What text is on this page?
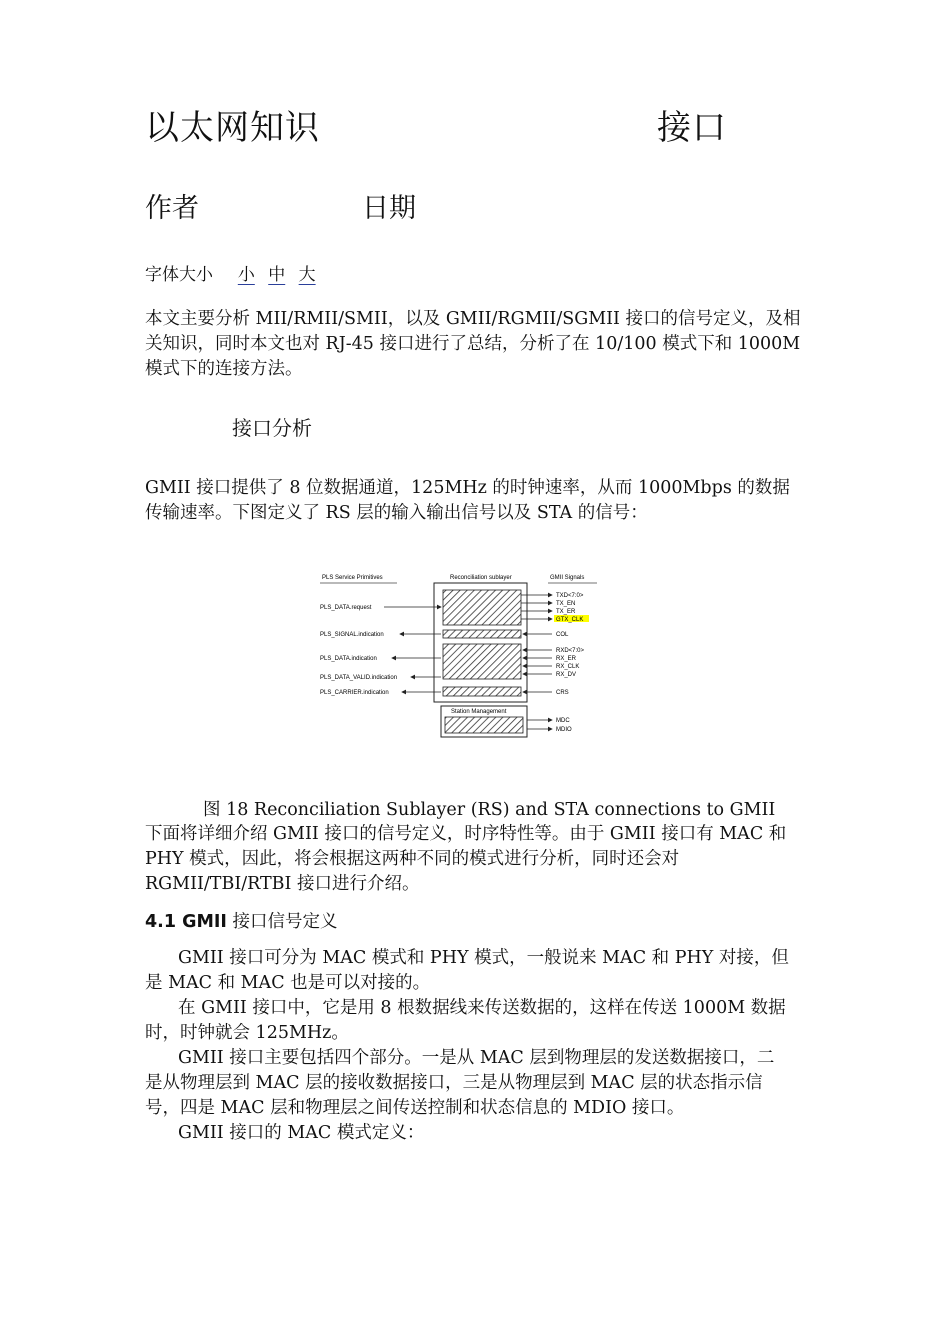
以太网知识	接口
作者	日期
字体大小 小 中 大
本文主要分析 MII/RMII/SMII，以及 GMII/RGMII/SGMII 接口的信号定义，及相
关知识，同时本文也对 RJ-45 接口进行了总结，分析了在 10/100 模式下和 1000M
模式下的连接方法。
接口分析
GMII 接口提供了 8 位数据通道，125MHz 的时钟速率，从而 1000Mbps 的数据
传输速率。下图定义了 RS 层的输入输出信号以及 STA 的信号：
PLS Service Primitives	Reconciliation sublayer	GMII Signals
PLS_DATA.request
PLS_SIGNAL.indication
PLS_DATA.indication
PLS_DATA_VALID.indication
PLS_CARRIER.indication
TXD<7:0>
TX_EN
TX_ER
GTX_CLK
COL
RXD<7:0>
RX_ER
RX_CLK
RX_DV
CRS
Station Management
MDC
MDIO
图 18 Reconciliation Sublayer (RS) and STA connections to GMII
下面将详细介绍 GMII 接口的信号定义，时序特性等。由于 GMII 接口有 MAC 和
PHY 模式，因此，将会根据这两种不同的模式进行分析，同时还会对
RGMII/TBI/RTBI 接口进行介绍。
4.1 GMII 接口信号定义
GMII 接口可分为 MAC 模式和 PHY 模式，一般说来 MAC 和 PHY 对接，但
是 MAC 和 MAC 也是可以对接的。
在 GMII 接口中，它是用 8 根数据线来传送数据的，这样在传送 1000M 数据
时，时钟就会 125MHz。
GMII 接口主要包括四个部分。一是从 MAC 层到物理层的发送数据接口，二
是从物理层到 MAC 层的接收数据接口，三是从物理层到 MAC 层的状态指示信
号，四是 MAC 层和物理层之间传送控制和状态信息的 MDIO 接口。
GMII 接口的 MAC 模式定义：
